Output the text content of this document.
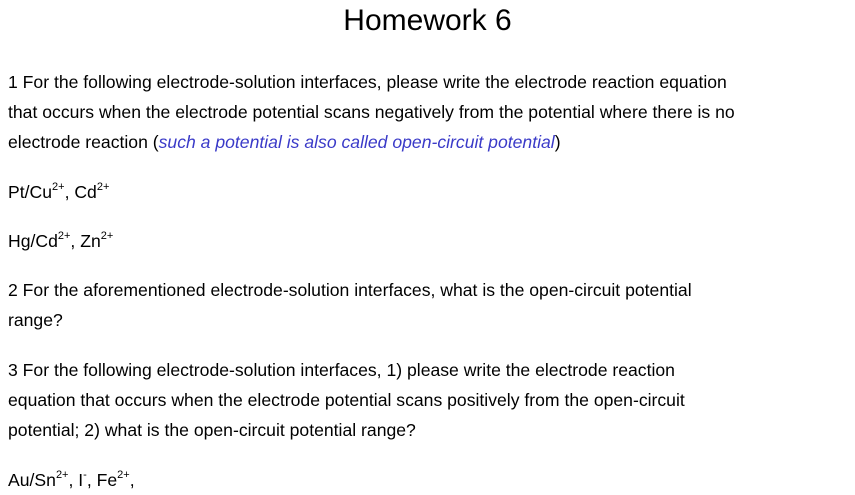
Homework 6
1 For the following electrode-solution interfaces, please write the electrode reaction equation
that occurs when the electrode potential scans negatively from the potential where there is no
electrode reaction (such a potential is also called open-circuit potential)
$Pt/Cu^{2+}$, $Cd^{2+}$
$Hg/Cd^{2+}$, $Zn^{2+}$
2 For the aforementioned electrode-solution interfaces, what is the open-circuit potential
range?
3 For the following electrode-solution interfaces, 1) please write the electrode reaction
equation that occurs when the electrode potential scans positively from the open-circuit
potential; 2) what is the open-circuit potential range?
$Au/Sn^{2+}$, I-, $Fe^{2+}$,
